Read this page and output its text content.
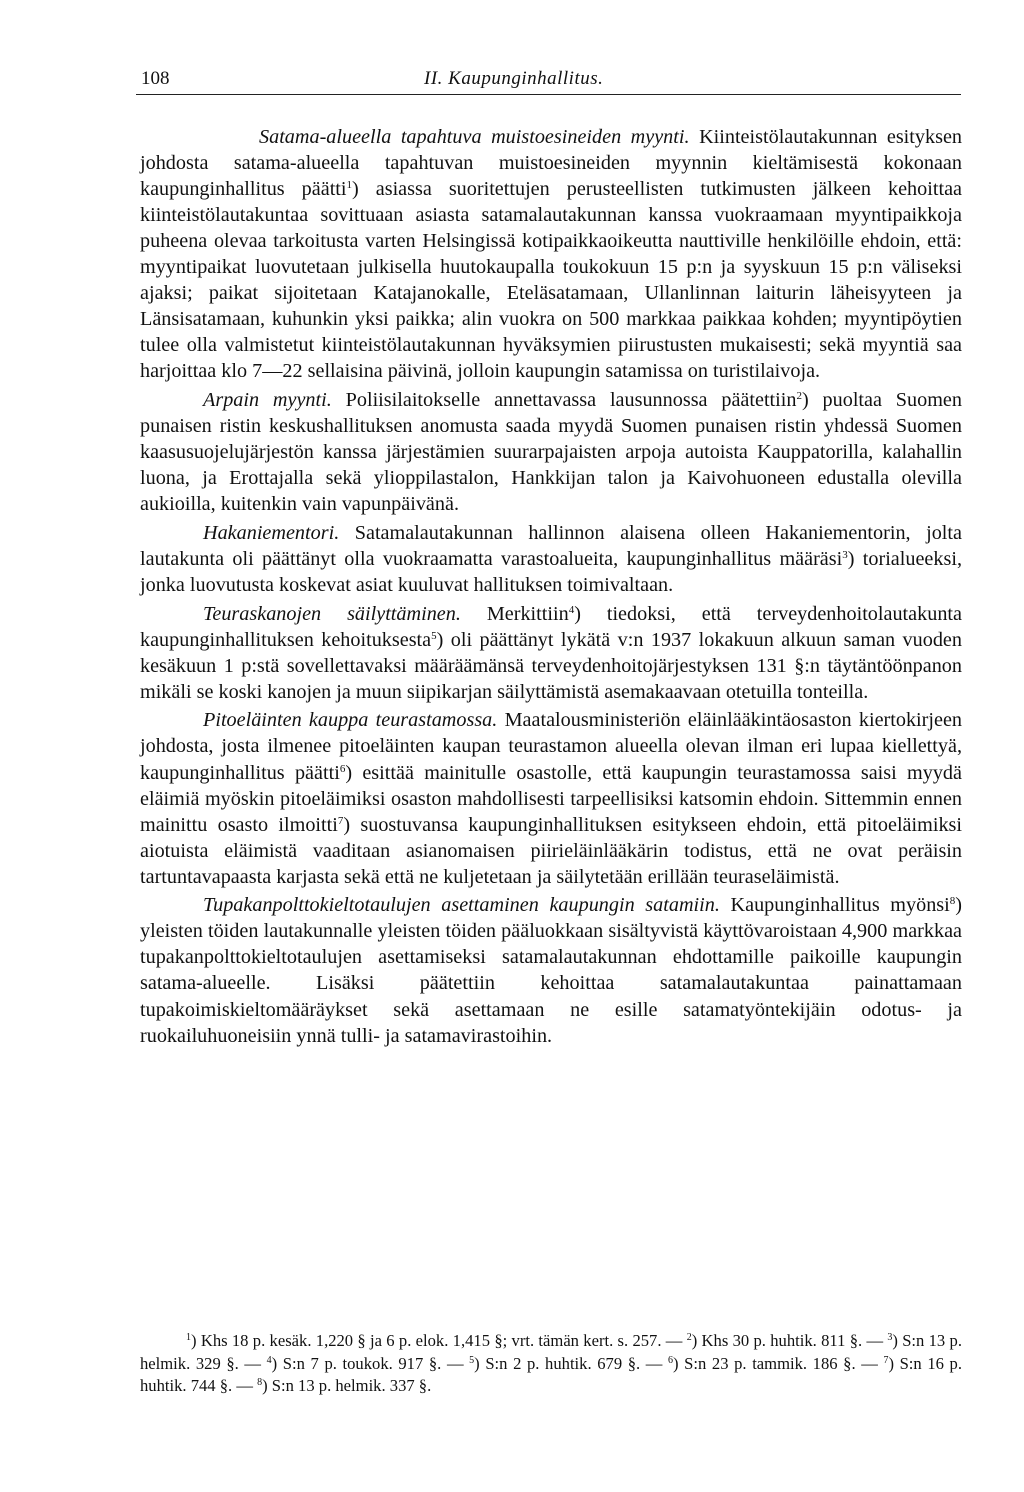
108	II. Kaupunginhallitus.

Satama-alueella tapahtuva muistoesineiden myynti. Kiinteistölautakunnan esityksen johdosta satama-alueella tapahtuvan muistoesineiden myynnin kieltämisestä kokonaan kaupunginhallitus päätti$^1$) asiassa suoritettujen perusteellisten tutkimusten jälkeen kehoittaa kiinteistölautakuntaa sovittuaan asiasta satamalautakunnan kanssa vuokraamaan myyntipaikkoja puheena olevaa tarkoitusta varten Helsingissä kotipaikkaoikeutta nauttiville henkilöille ehdoin, että: myyntipaikat luovutetaan julkisella huutokaupalla toukokuun 15 p:n ja syyskuun 15 p:n väliseksi ajaksi; paikat sijoitetaan Katajanokalle, Eteläsatamaan, Ullanlinnan laiturin läheisyyteen ja Länsisatamaan, kuhunkin yksi paikka; alin vuokra on 500 markkaa paikkaa kohden; myyntipöytien tulee olla valmistetut kiinteistölautakunnan hyväksymien piirustusten mukaisesti; sekä myyntiä saa harjoittaa klo 7—22 sellaisina päivinä, jolloin kaupungin satamissa on turistilaivoja.

Arpain myynti. Poliisilaitokselle annettavassa lausunnossa päätettiin$^2$) puoltaa Suomen punaisen ristin keskushallituksen anomusta saada myydä Suomen punaisen ristin yhdessä Suomen kaasusuojelujärjestön kanssa järjestämien suurarpajaisten arpoja autoista Kauppatorilla, kalahallin luona, ja Erottajalla sekä ylioppilastalon, Hankkijan talon ja Kaivohuoneen edustalla olevilla aukioilla, kuitenkin vain vapunpäivänä.

Hakaniementori. Satamalautakunnan hallinnon alaisena olleen Hakaniementorin, jolta lautakunta oli päättänyt olla vuokraamatta varastoalueita, kaupunginhallitus määräsi$^3$) torialueeksi, jonka luovutusta koskevat asiat kuuluvat hallituksen toimivaltaan.

Teuraskanojen säilyttäminen. Merkittiin$^4$) tiedoksi, että terveydenhoitolautakunta kaupunginhallituksen kehoituksesta$^5$) oli päättänyt lykätä v:n 1937 lokakuun alkuun saman vuoden kesäkuun 1 p:stä sovellettavaksi määräämänsä terveydenhoitojärjestyksen 131 §:n täytäntöönpanon mikäli se koski kanojen ja muun siipikarjan säilyttämistä asemakaavaan otetuilla tonteilla.

Pitoeläinten kauppa teurastamossa. Maatalousministeriön eläinlääkintäosaston kiertokirjeen johdosta, josta ilmenee pitoeläinten kaupan teurastamon alueella olevan ilman eri lupaa kiellettyä, kaupunginhallitus päätti$^6$) esittää mainitulle osastolle, että kaupungin teurastamossa saisi myydä eläimiä myöskin pitoeläimiksi osaston mahdollisesti tarpeellisiksi katsomin ehdoin. Sittemmin ennen mainittu osasto ilmoitti$^7$) suostuvansa kaupunginhallituksen esitykseen ehdoin, että pitoeläimiksi aiotuista eläimistä vaaditaan asianomaisen piirieläinlääkärin todistus, että ne ovat peräisin tartuntavapaasta karjasta sekä että ne kuljetetaan ja säilytetään erillään teuraseläimistä.

Tupakanpolttokieltotaulujen asettaminen kaupungin satamiin. Kaupunginhallitus myönsi$^8$) yleisten töiden lautakunnalle yleisten töiden pääluokkaan sisältyvistä käyttövaroistaan 4,900 markkaa tupakanpolttokieltotaulujen asettamiseksi satamalautakunnan ehdottamille paikoille kaupungin satama-alueelle. Lisäksi päätettiin kehoittaa satamalautakuntaa painattamaan tupakoimiskieltomääräykset sekä asettamaan ne esille satamatyöntekijäin odotus- ja ruokailuhuoneisiin ynnä tulli- ja satamavirastoihin.

$^1$) Khs 18 p. kesäk. 1,220 § ja 6 p. elok. 1,415 §; vrt. tämän kert. s. 257. — $^2$) Khs 30 p. huhtik. 811 §. — $^3$) S:n 13 p. helmik. 329 §. — $^4$) S:n 7 p. toukok. 917 §. — $^5$) S:n 2 p. huhtik. 679 §. — $^6$) S:n 23 p. tammik. 186 §. — $^7$) S:n 16 p. huhtik. 744 §. — $^8$) S:n 13 p. helmik. 337 §.
